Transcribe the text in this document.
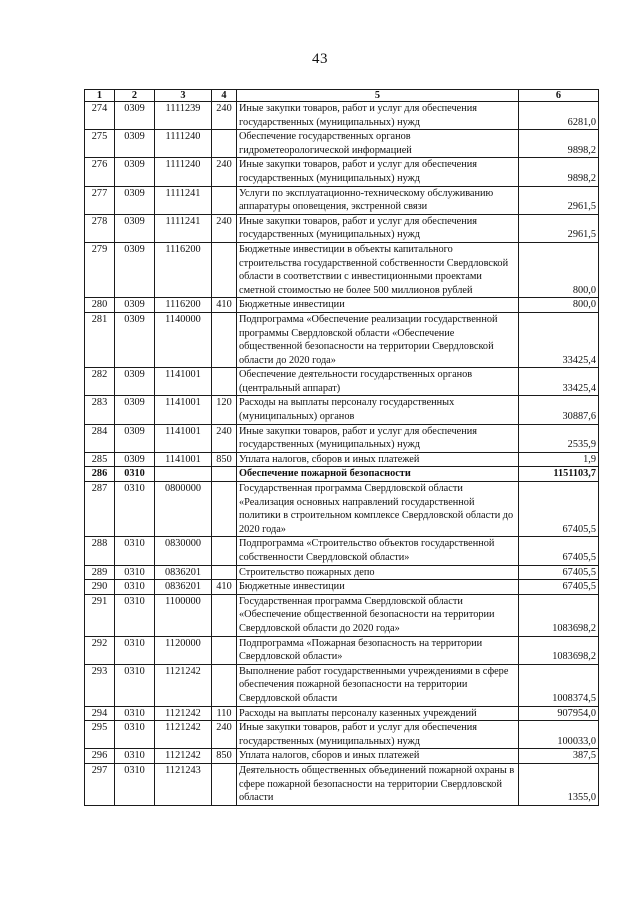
43
1	2	3	4	5	6
274	0309	1111239	240	Иные закупки товаров, работ и услуг для обеспечения государственных (муниципальных) нужд	6281,0
275	0309	1111240		Обеспечение государственных органов гидрометеорологической информацией	9898,2
276	0309	1111240	240	Иные закупки товаров, работ и услуг для обеспечения государственных (муниципальных) нужд	9898,2
277	0309	1111241		Услуги по эксплуатационно-техническому обслуживанию аппаратуры оповещения, экстренной связи	2961,5
278	0309	1111241	240	Иные закупки товаров, работ и услуг для обеспечения государственных (муниципальных) нужд	2961,5
279	0309	1116200		Бюджетные инвестиции в объекты капитального строительства государственной собственности Свердловской области в соответствии с инвестиционными проектами сметной стоимостью не более 500 миллионов рублей	800,0
280	0309	1116200	410	Бюджетные инвестиции	800,0
281	0309	1140000		Подпрограмма «Обеспечение реализации государственной программы Свердловской области «Обеспечение общественной безопасности на территории Свердловской области до 2020 года»	33425,4
282	0309	1141001		Обеспечение деятельности государственных органов (центральный аппарат)	33425,4
283	0309	1141001	120	Расходы на выплаты персоналу государственных (муниципальных) органов	30887,6
284	0309	1141001	240	Иные закупки товаров, работ и услуг для обеспечения государственных (муниципальных) нужд	2535,9
285	0309	1141001	850	Уплата налогов, сборов и иных платежей	1,9
286	0310			Обеспечение пожарной безопасности	1151103,7
287	0310	0800000		Государственная программа Свердловской области «Реализация основных направлений государственной политики в строительном комплексе Свердловской области до 2020 года»	67405,5
288	0310	0830000		Подпрограмма «Строительство объектов государственной собственности Свердловской области»	67405,5
289	0310	0836201		Строительство пожарных депо	67405,5
290	0310	0836201	410	Бюджетные инвестиции	67405,5
291	0310	1100000		Государственная программа Свердловской области «Обеспечение общественной безопасности на территории Свердловской области до 2020 года»	1083698,2
292	0310	1120000		Подпрограмма «Пожарная безопасность на территории Свердловской области»	1083698,2
293	0310	1121242		Выполнение работ государственными учреждениями в сфере обеспечения пожарной безопасности на территории Свердловской области	1008374,5
294	0310	1121242	110	Расходы на выплаты персоналу казенных учреждений	907954,0
295	0310	1121242	240	Иные закупки товаров, работ и услуг для обеспечения государственных (муниципальных) нужд	100033,0
296	0310	1121242	850	Уплата налогов, сборов и иных платежей	387,5
297	0310	1121243		Деятельность общественных объединений пожарной охраны в сфере пожарной безопасности на территории Свердловской области	1355,0
